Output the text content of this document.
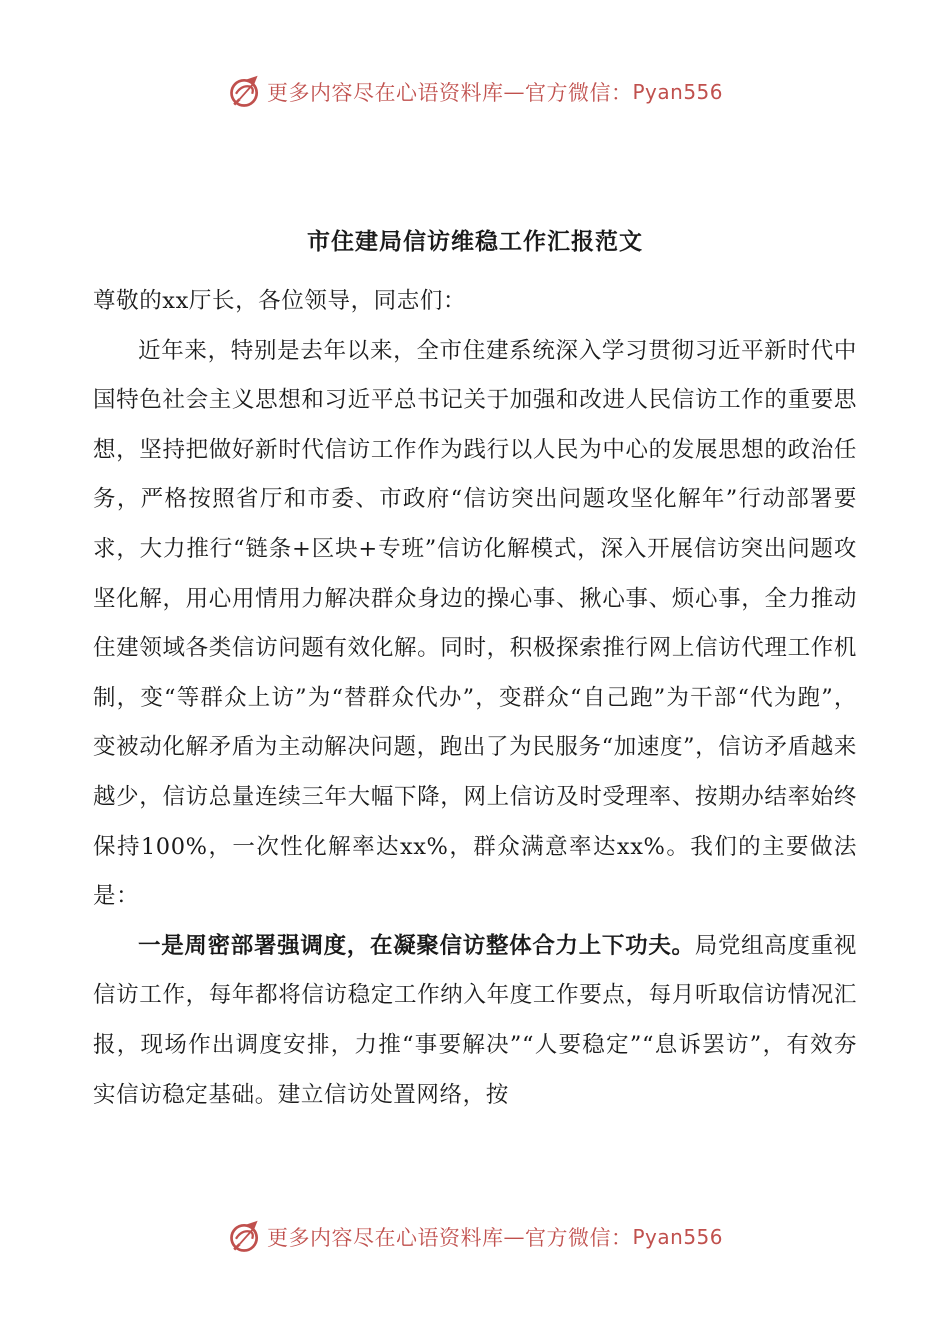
更多内容尽在心语资料库 — 官方微信： Pyan556
市住建局信访维稳工作汇报范文

尊敬的xx厅长，各位领导，同志们：

近年来，特别是去年以来，全市住建系统深入学习贯彻习近平新时代中国特色社会主义思想和习近平总书记关于加强和改进人民信访工作的重要思想，坚持把做好新时代信访工作作为践行以人民为中心的发展思想的政治任务，严格按照省厅和市委、市政府“信访突出问题攻坚化解年”行动部署要求，大力推行“链条+区块+专班”信访化解模式，深入开展信访突出问题攻坚化解，用心用情用力解决群众身边的操心事、揪心事、烦心事，全力推动住建领域各类信访问题有效化解。同时，积极探索推行网上信访代理工作机制，变“等群众上访”为“替群众代办”，变群众“自己跑”为干部“代为跑”，变被动化解矛盾为主动解决问题，跑出了为民服务“加速度”，信访矛盾越来越少，信访总量连续三年大幅下降，网上信访及时受理率、按期办结率始终保持100%，一次性化解率达xx%，群众满意率达xx%。我们的主要做法是：

一是周密部署强调度，在凝聚信访整体合力上下功夫。局党组高度重视信访工作，每年都将信访稳定工作纳入年度工作要点，每月听取信访情况汇报，现场作出调度安排，力推“事要解决”“人要稳定”“息诉罢访”，有效夯实信访稳定基础。建立信访处置网络，按

更多内容尽在心语资料库 — 官方微信： Pyan556
